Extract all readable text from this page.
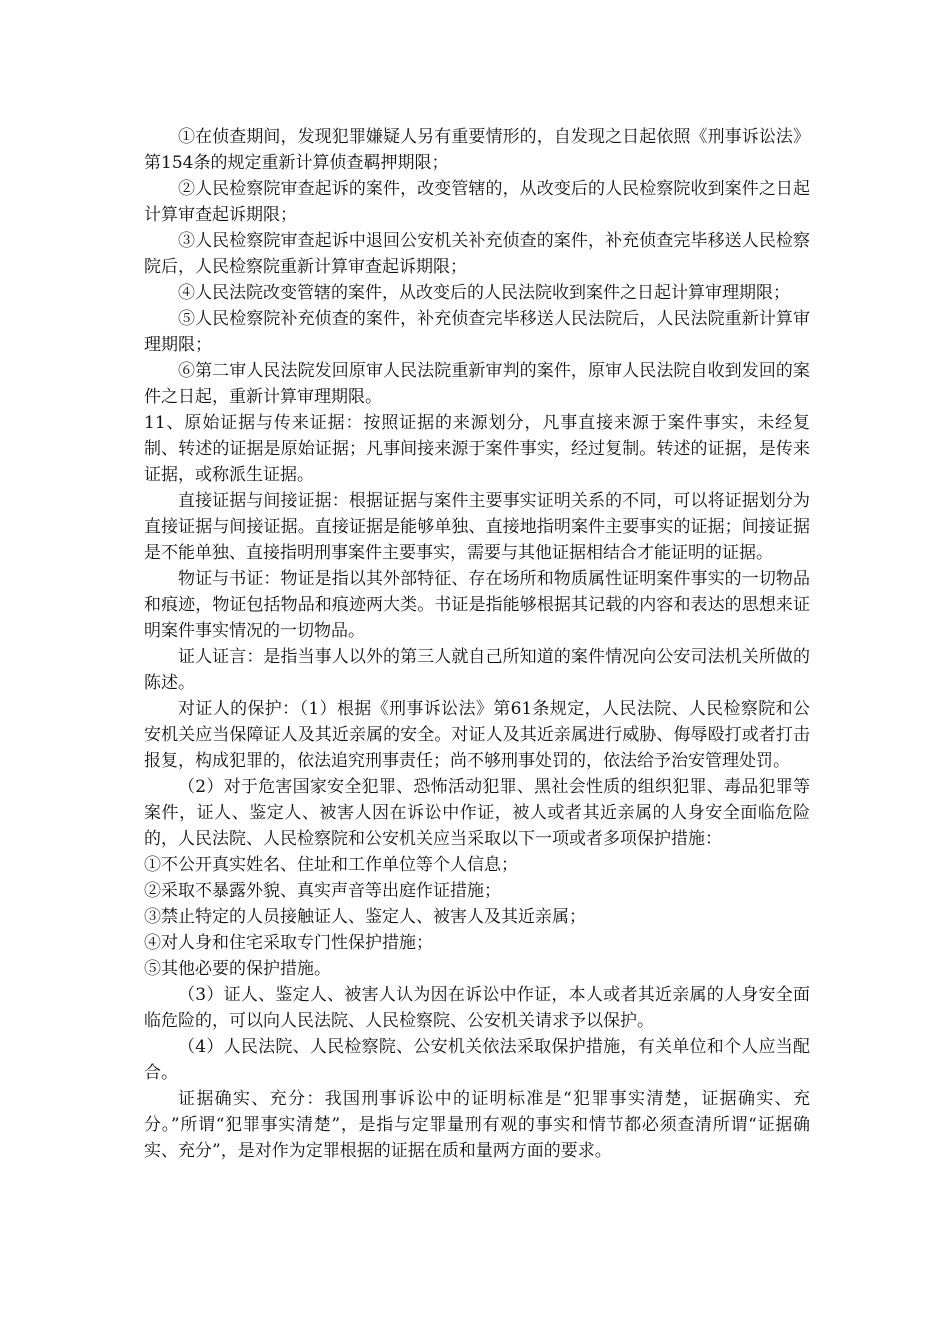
①在侦查期间，发现犯罪嫌疑人另有重要情形的，自发现之日起依照《刑事诉讼法》第154条的规定重新计算侦查羁押期限；

②人民检察院审查起诉的案件，改变管辖的，从改变后的人民检察院收到案件之日起计算审查起诉期限；

③人民检察院审查起诉中退回公安机关补充侦查的案件，补充侦查完毕移送人民检察院后，人民检察院重新计算审查起诉期限；

④人民法院改变管辖的案件，从改变后的人民法院收到案件之日起计算审理期限；

⑤人民检察院补充侦查的案件，补充侦查完毕移送人民法院后，人民法院重新计算审理期限；

⑥第二审人民法院发回原审人民法院重新审判的案件，原审人民法院自收到发回的案件之日起，重新计算审理期限。

11、原始证据与传来证据：按照证据的来源划分，凡事直接来源于案件事实，未经复制、转述的证据是原始证据；凡事间接来源于案件事实，经过复制。转述的证据，是传来证据，或称派生证据。

直接证据与间接证据：根据证据与案件主要事实证明关系的不同，可以将证据划分为直接证据与间接证据。直接证据是能够单独、直接地指明案件主要事实的证据；间接证据是不能单独、直接指明刑事案件主要事实，需要与其他证据相结合才能证明的证据。

物证与书证：物证是指以其外部特征、存在场所和物质属性证明案件事实的一切物品和痕迹，物证包括物品和痕迹两大类。书证是指能够根据其记载的内容和表达的思想来证明案件事实情况的一切物品。

证人证言：是指当事人以外的第三人就自己所知道的案件情况向公安司法机关所做的陈述。

对证人的保护：（1）根据《刑事诉讼法》第61条规定，人民法院、人民检察院和公安机关应当保障证人及其近亲属的安全。对证人及其近亲属进行威胁、侮辱殴打或者打击报复，构成犯罪的，依法追究刑事责任；尚不够刑事处罚的，依法给予治安管理处罚。

（2）对于危害国家安全犯罪、恐怖活动犯罪、黑社会性质的组织犯罪、毒品犯罪等案件，证人、鉴定人、被害人因在诉讼中作证，被人或者其近亲属的人身安全面临危险的，人民法院、人民检察院和公安机关应当采取以下一项或者多项保护措施：

①不公开真实姓名、住址和工作单位等个人信息；

②采取不暴露外貌、真实声音等出庭作证措施；

③禁止特定的人员接触证人、鉴定人、被害人及其近亲属；

④对人身和住宅采取专门性保护措施；

⑤其他必要的保护措施。

（3）证人、鉴定人、被害人认为因在诉讼中作证，本人或者其近亲属的人身安全面临危险的，可以向人民法院、人民检察院、公安机关请求予以保护。

（4）人民法院、人民检察院、公安机关依法采取保护措施，有关单位和个人应当配合。

证据确实、充分：我国刑事诉讼中的证明标准是“犯罪事实清楚，证据确实、充分。”所谓“犯罪事实清楚”，是指与定罪量刑有观的事实和情节都必须查清所谓“证据确实、充分”，是对作为定罪根据的证据在质和量两方面的要求。
